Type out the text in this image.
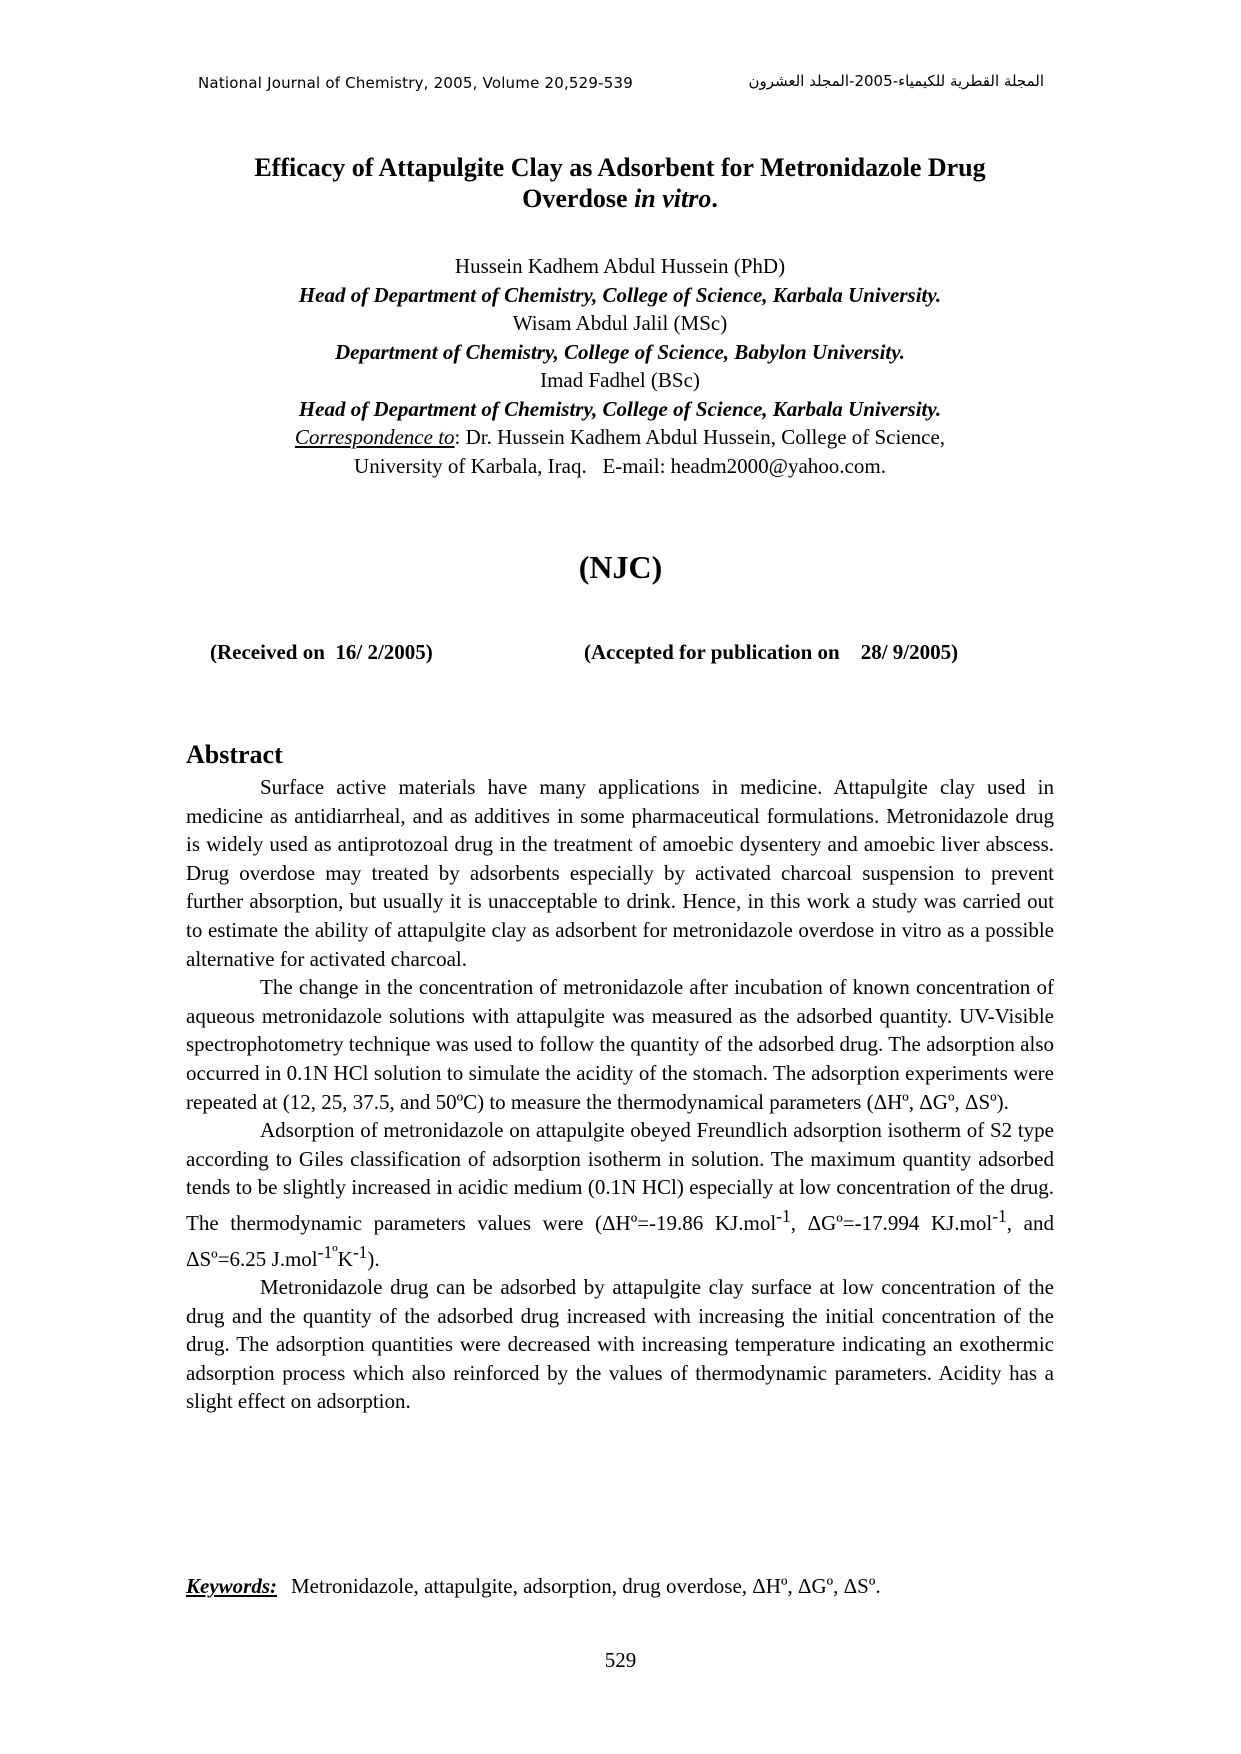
National Journal of Chemistry, 2005, Volume 20,529-539	المجلة القطرية للكيمياء-2005-المجلد العشرون
Efficacy of Attapulgite Clay as Adsorbent for Metronidazole Drug
Overdose in vitro.
Hussein Kadhem Abdul Hussein (PhD)
Head of Department of Chemistry, College of Science, Karbala University.
Wisam Abdul Jalil (MSc)
Department of Chemistry, College of Science, Babylon University.
Imad Fadhel (BSc)
Head of Department of Chemistry, College of Science, Karbala University.
Correspondence to: Dr. Hussein Kadhem Abdul Hussein, College of Science,
University of Karbala, Iraq.   E-mail: headm2000@yahoo.com.
(NJC)
(Received on  16/ 2/2005)	(Accepted for publication on    28/ 9/2005)
Abstract

Surface active materials have many applications in medicine. Attapulgite clay used in medicine as antidiarrheal, and as additives in some pharmaceutical formulations. Metronidazole drug is widely used as antiprotozoal drug in the treatment of amoebic dysentery and amoebic liver abscess. Drug overdose may treated by adsorbents especially by activated charcoal suspension to prevent further absorption, but usually it is unacceptable to drink. Hence, in this work a study was carried out to estimate the ability of attapulgite clay as adsorbent for metronidazole overdose in vitro as a possible alternative for activated charcoal.

The change in the concentration of metronidazole after incubation of known concentration of aqueous metronidazole solutions with attapulgite was measured as the adsorbed quantity. UV-Visible spectrophotometry technique was used to follow the quantity of the adsorbed drug. The adsorption also occurred in 0.1N HCl solution to simulate the acidity of the stomach. The adsorption experiments were repeated at (12, 25, 37.5, and 50ºC) to measure the thermodynamical parameters (ΔHº, ΔGº, ΔSº).

Adsorption of metronidazole on attapulgite obeyed Freundlich adsorption isotherm of S2 type according to Giles classification of adsorption isotherm in solution. The maximum quantity adsorbed tends to be slightly increased in acidic medium (0.1N HCl) especially at low concentration of the drug. The thermodynamic parameters values were (ΔHº=-19.86 KJ.mol$^{-1}$, ΔGº=-17.994 KJ.mol$^{-1}$, and ΔSº=6.25 $J.mol^{-1º}K^{-1}$).

Metronidazole drug can be adsorbed by attapulgite clay surface at low concentration of the drug and the quantity of the adsorbed drug increased with increasing the initial concentration of the drug. The adsorption quantities were decreased with increasing temperature indicating an exothermic adsorption process which also reinforced by the values of thermodynamic parameters. Acidity has a slight effect on adsorption.

Keywords: Metronidazole, attapulgite, adsorption, drug overdose, ΔHº, ΔGº, ΔSº.
529
